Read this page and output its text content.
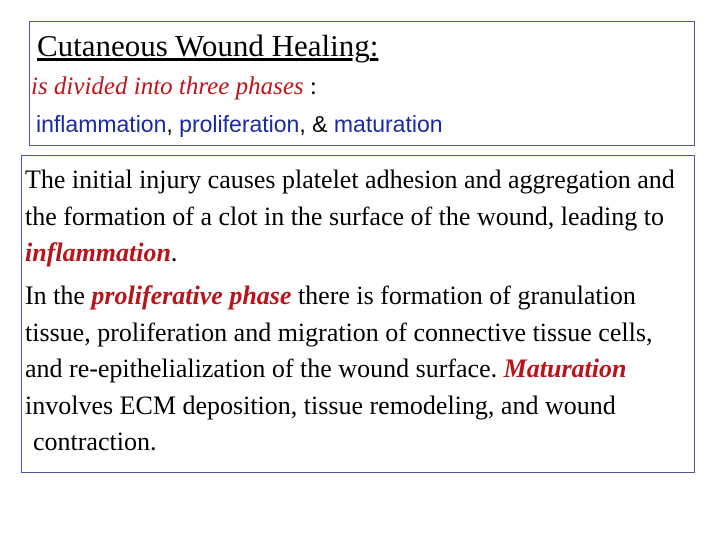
Cutaneous Wound Healing:
is divided into three phases :
inflammation, proliferation, & maturation

The initial injury causes platelet adhesion and aggregation and the formation of a clot in the surface of the wound, leading to inflammation.

In the proliferative phase there is formation of granulation tissue, proliferation and migration of connective tissue cells, and re-epithelialization of the wound surface. Maturation involves ECM deposition, tissue remodeling, and wound
contraction.
